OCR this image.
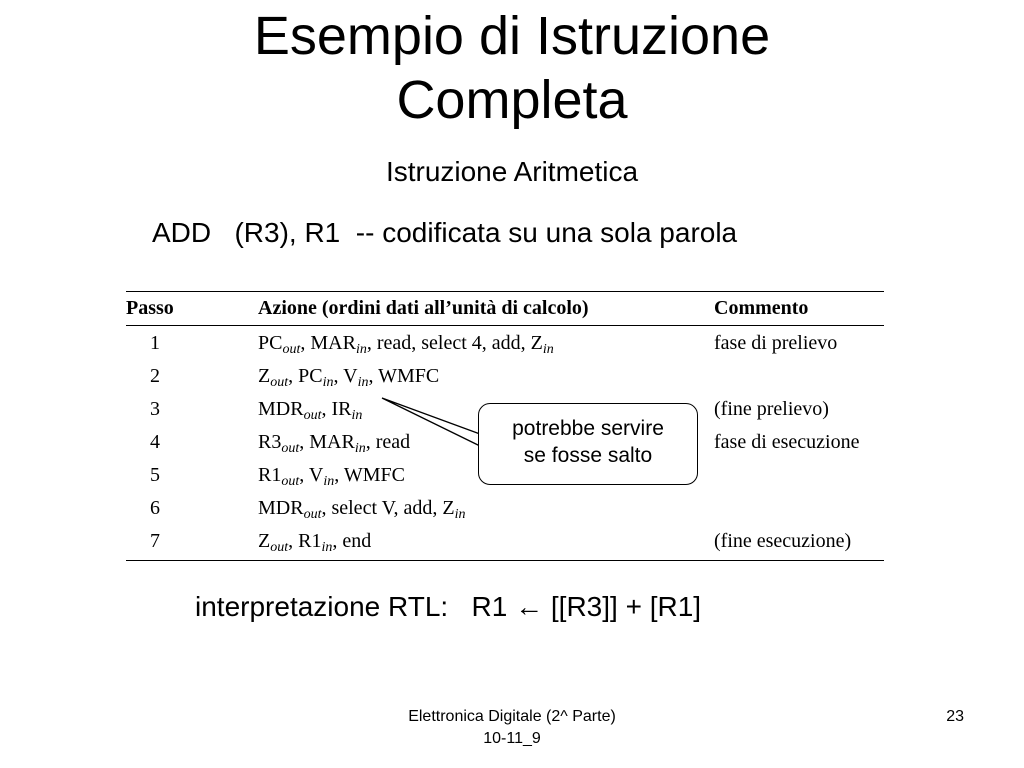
Esempio di Istruzione
Completa
Istruzione Aritmetica
ADD   (R3), R1  -- codificata su una sola parola
Passo	Azione (ordini dati all’unità di calcolo)	Commento
1	$PC_{out}$, $MAR_{in}$, read, select 4, add, $Z_{in}$	fase di prelievo
2	$Z_{out}$, $PC_{in}$, $V_{in}$, WMFC
3	$MDR_{out}$, $IR_{in}$	(fine prelievo)
4	$R3_{out}$, $MAR_{in}$, read	fase di esecuzione
5	$R1_{out}$, $V_{in}$, WMFC
6	$MDR_{out}$, select V, add, $Z_{in}$
7	$Z_{out}$, $R1_{in}$, end	(fine esecuzione)
potrebbe servire
se fosse salto
interpretazione RTL: R1 ← [[R3]] + [R1]
Elettronica Digitale (2^ Parte)
10-11_9
23
